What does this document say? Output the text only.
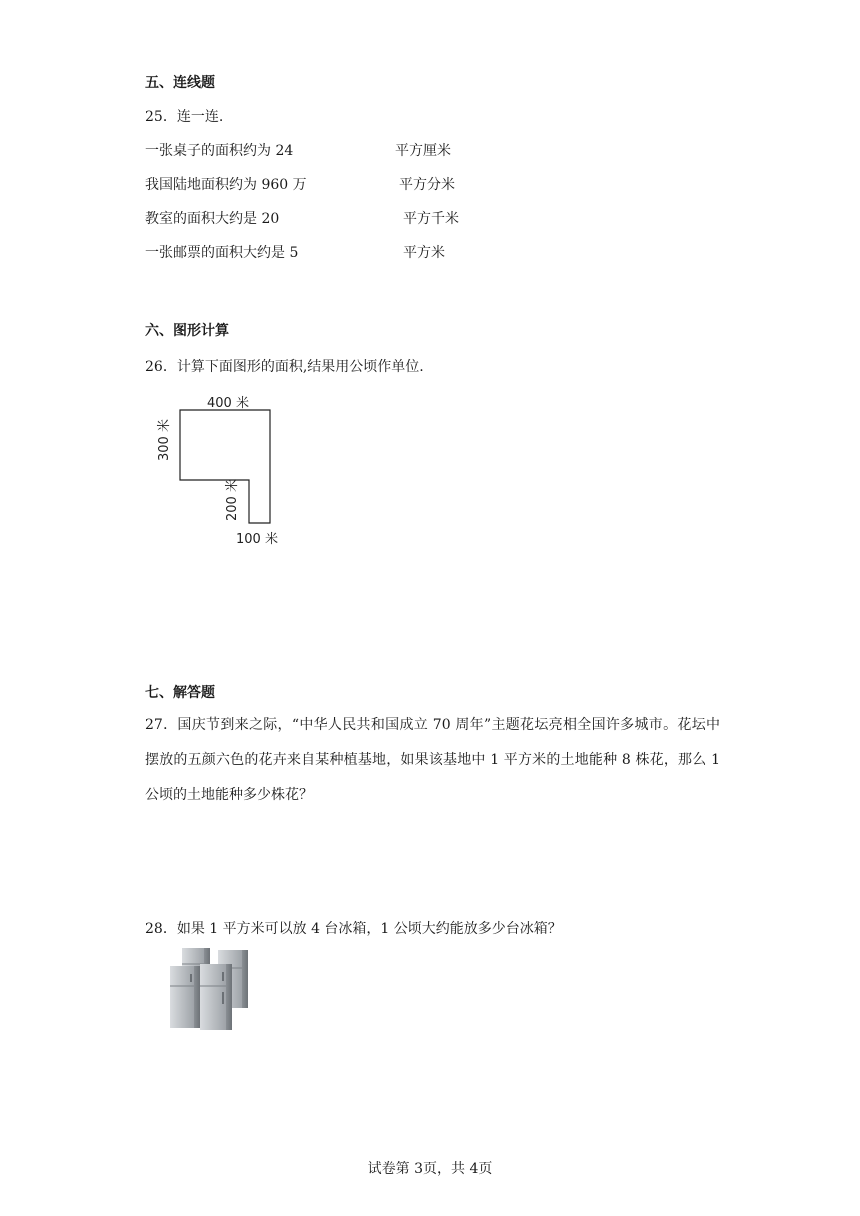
五、连线题
25．连一连.
一张桌子的面积约为 24
我国陆地面积约为 960 万
教室的面积大约是 20
一张邮票的面积大约是 5
平方厘米
平方分米
平方千米
平方米
六、图形计算
26．计算下面图形的面积,结果用公顷作单位.
400 米
300 米
200 米
100 米
七、解答题
27．国庆节到来之际，“中华人民共和国成立 70 周年”主题花坛亮相全国许多城市。花坛中摆放的五颜六色的花卉来自某种植基地，如果该基地中 1 平方米的土地能种 8 株花，那么 1 公顷的土地能种多少株花？
28．如果 1 平方米可以放 4 台冰箱，1 公顷大约能放多少台冰箱？
试卷第 3页，共 4页
